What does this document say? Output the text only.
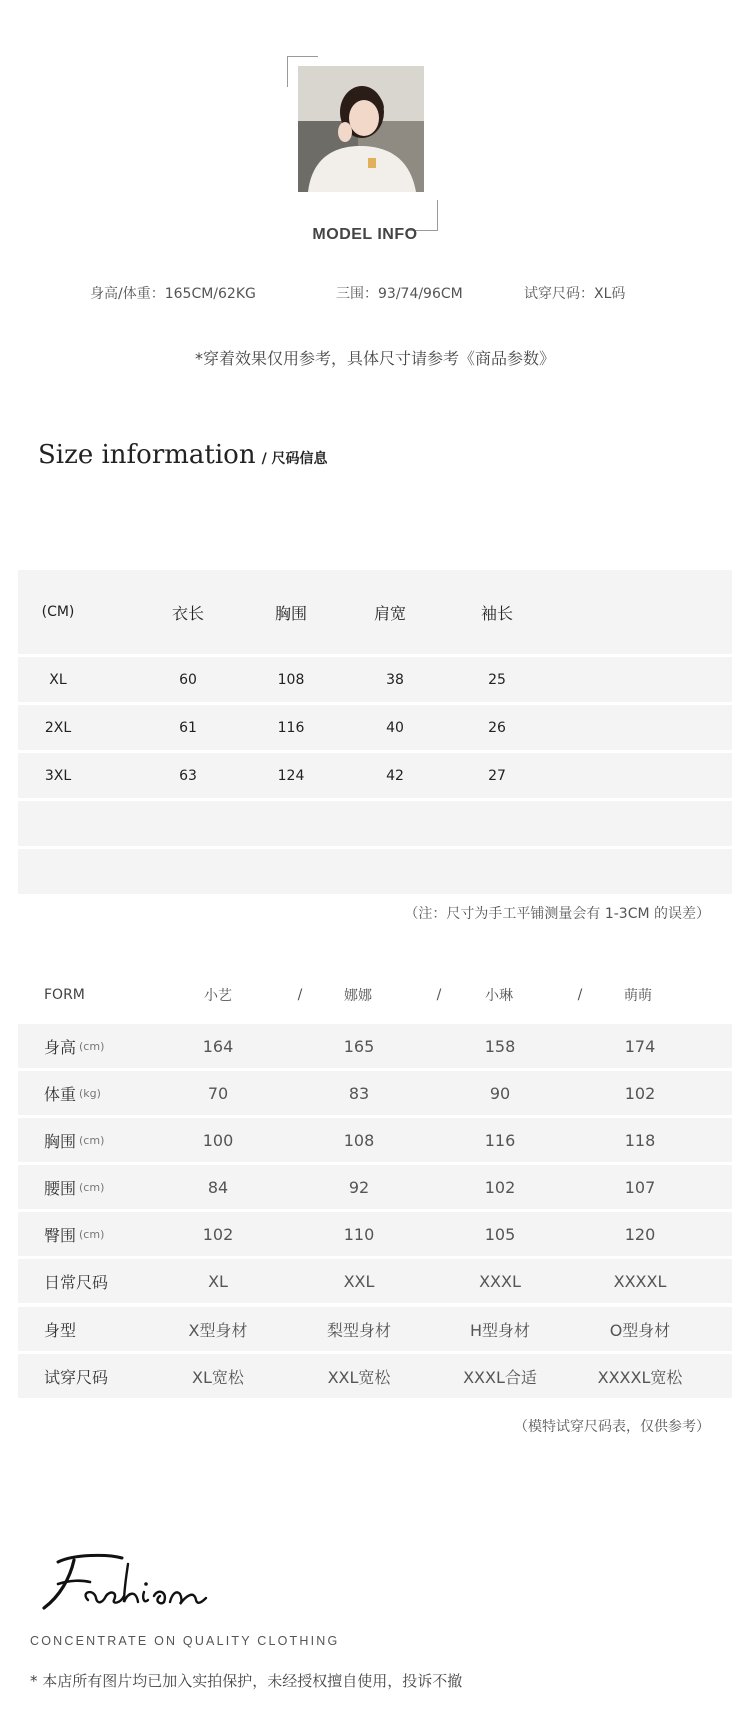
MODEL INFO
身高/体重：165CM/62KG	三围：93/74/96CM	试穿尺码：XL码
*穿着效果仅用参考，具体尺寸请参考《商品参数》
Size information / 尺码信息
(CM)	衣长	胸围	肩宽	袖长
XL	60	108	38	25
2XL	61	116	40	26
3XL	63	124	42	27
（注：尺寸为手工平铺测量会有 1-3CM 的误差）
FORM	小艺	/	娜娜	/	小琳	/	萌萌
身高 (cm)	164	165	158	174
体重 (kg)	70	83	90	102
胸围 (cm)	100	108	116	118
腰围 (cm)	84	92	102	107
臀围 (cm)	102	110	105	120
日常尺码	XL	XXL	XXXL	XXXXL
身型	X型身材	梨型身材	H型身材	O型身材
试穿尺码	XL宽松	XXL宽松	XXXL合适	XXXXL宽松
（模特试穿尺码表，仅供参考）
CONCENTRATE ON QUALITY CLOTHING
* 本店所有图片均已加入实拍保护，未经授权擅自使用，投诉不撤
